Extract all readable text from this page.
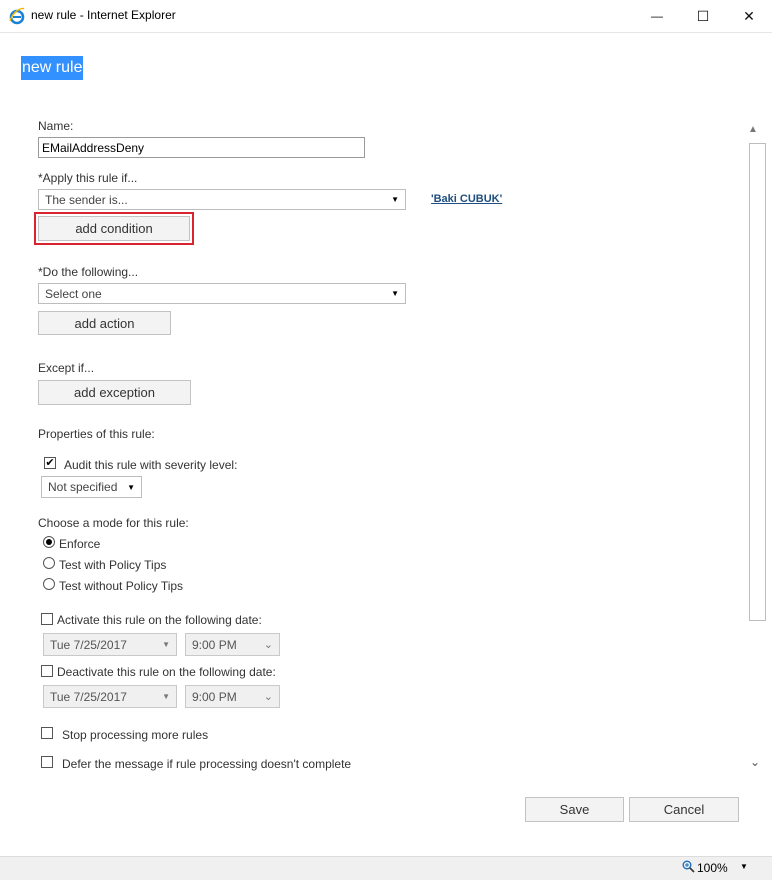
new rule - Internet Explorer	— ☐ ✕
new rule
Name:
EMailAddressDeny
*Apply this rule if...
The sender is...	▼	'Baki CUBUK'
add condition
*Do the following...
Select one	▼
add action
Except if...
add exception
Properties of this rule:
✔ Audit this rule with severity level:
Not specified ▼
Choose a mode for this rule:
Enforce
Test with Policy Tips
Test without Policy Tips
Activate this rule on the following date:
Tue 7/25/2017	▼ 9:00 PM ⌄
Deactivate this rule on the following date:
Tue 7/25/2017	▼ 9:00 PM ⌄
Stop processing more rules
Defer the message if rule processing doesn't complete
Save	Cancel
▲
⌄
100% ▼
